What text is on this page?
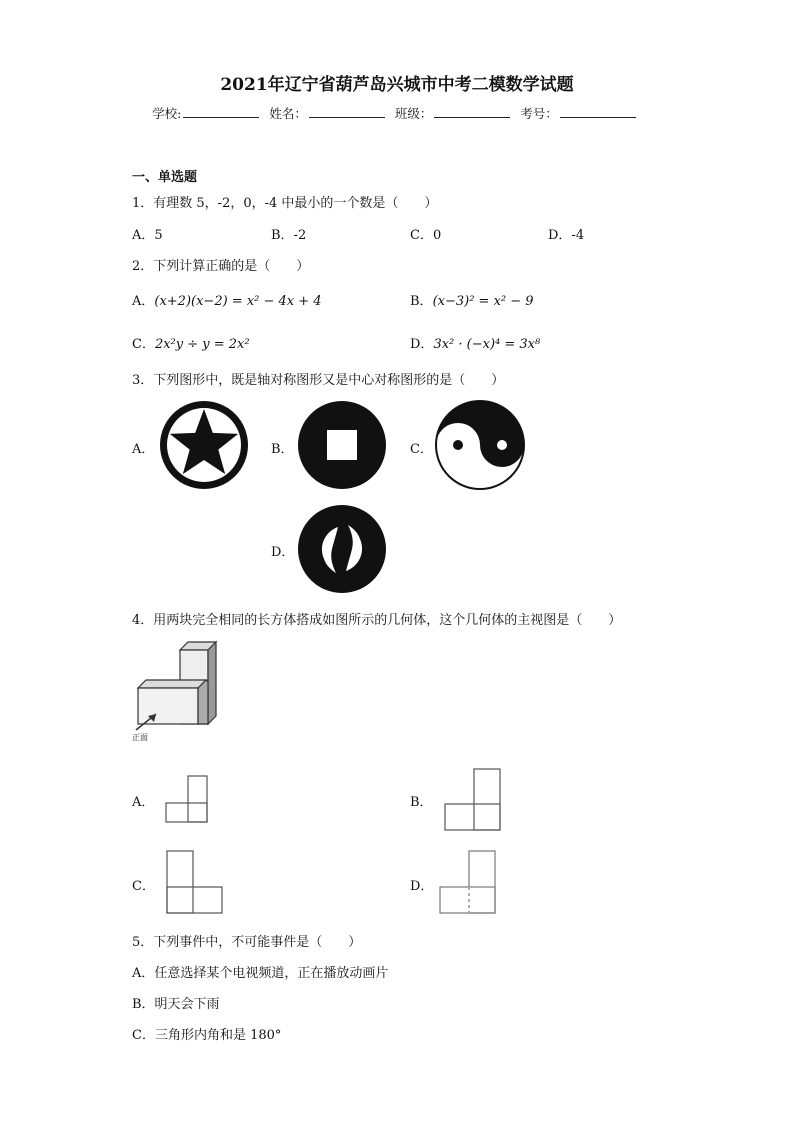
2021年辽宁省葫芦岛兴城市中考二模数学试题
学校:	姓名：	班级：	考号：
一、单选题
1．有理数 5，-2，0，-4 中最小的一个数是（　　）
A．5	B．-2	C．0	D．-4
2．下列计算正确的是（　　）
A．(x+2)(x−2) = x² − 4x + 4	B．(x−3)² = x² − 9
C．2x²y ÷ y = 2x²	D．3x² · (−x)⁴ = 3x⁸
3．下列图形中，既是轴对称图形又是中心对称图形的是（　　）
A．	B．	C．
D．
4．用两块完全相同的长方体搭成如图所示的几何体，这个几何体的主视图是（　　）
正面
A．	B．
C．	D．
5．下列事件中，不可能事件是（　　）
A．任意选择某个电视频道，正在播放动画片
B．明天会下雨
C．三角形内角和是 180°
